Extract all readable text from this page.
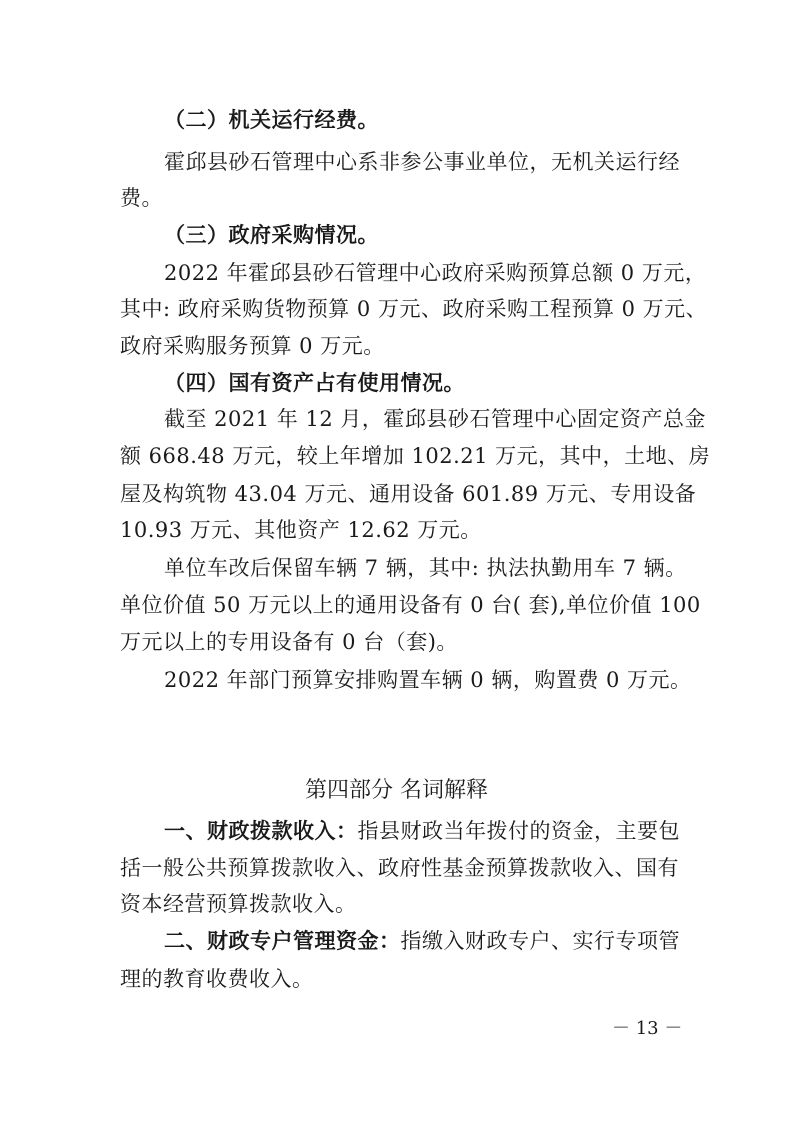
（二）机关运行经费。
霍邱县砂石管理中心系非参公事业单位，无机关运行经
费。
（三）政府采购情况。
2022 年霍邱县砂石管理中心政府采购预算总额 0 万元，
其中: 政府采购货物预算 0 万元、政府采购工程预算 0 万元、
政府采购服务预算 0 万元。
（四）国有资产占有使用情况。
截至 2021 年 12 月，霍邱县砂石管理中心固定资产总金
额 668.48 万元，较上年增加 102.21 万元，其中，土地、房
屋及构筑物 43.04 万元、通用设备 601.89 万元、专用设备
10.93 万元、其他资产 12.62 万元。
单位车改后保留车辆 7 辆，其中: 执法执勤用车 7 辆。
单位价值 50 万元以上的通用设备有 0 台( 套),单位价值 100
万元以上的专用设备有 0 台（套)。
2022 年部门预算安排购置车辆 0 辆，购置费 0 万元。
第四部分 名词解释
一、财政拨款收入：指县财政当年拨付的资金，主要包
括一般公共预算拨款收入、政府性基金预算拨款收入、国有
资本经营预算拨款收入。
二、财政专户管理资金：指缴入财政专户、实行专项管
理的教育收费收入。
－ 13 －
